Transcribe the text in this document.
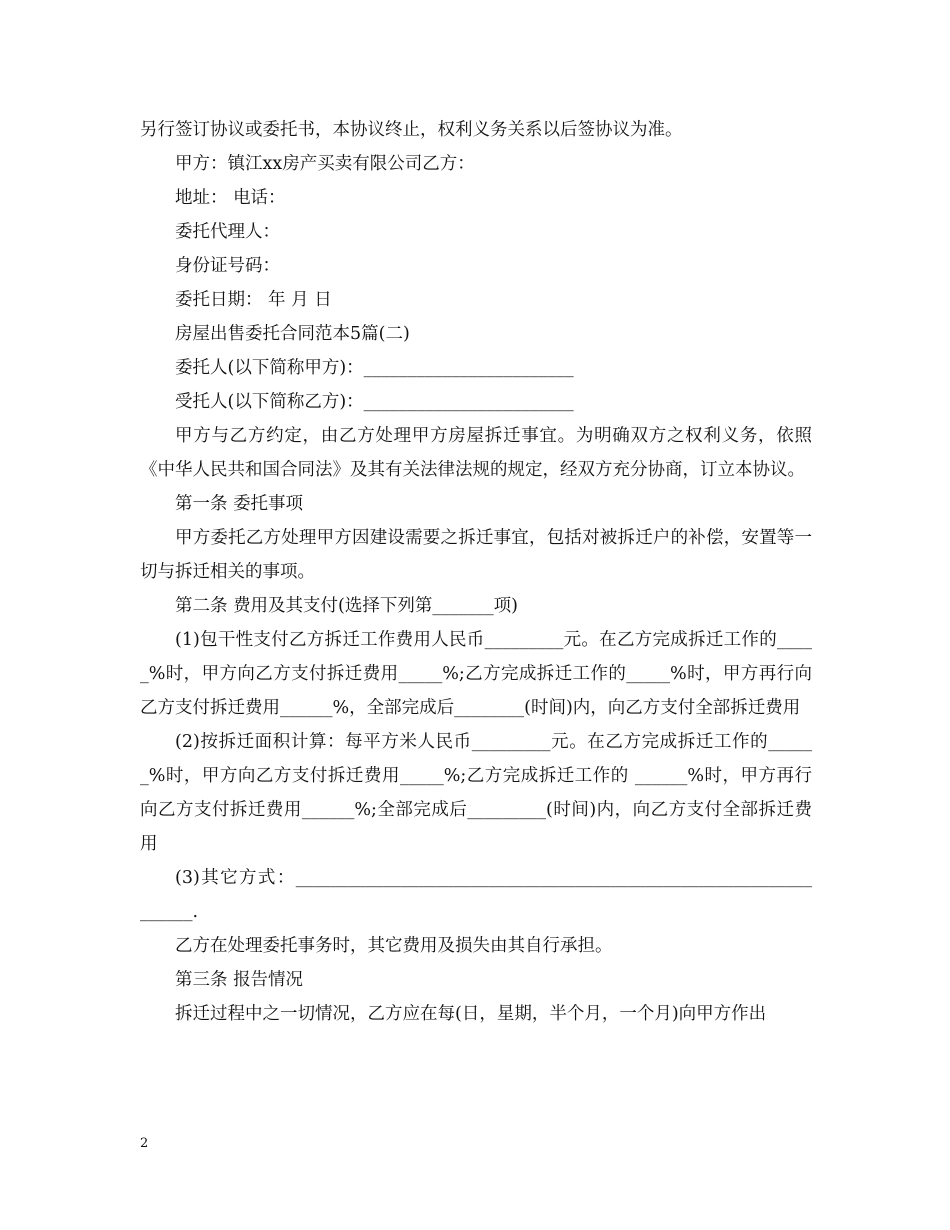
另行签订协议或委托书，本协议终止，权利义务关系以后签协议为准。

甲方：镇江xx房产买卖有限公司乙方：

地址： 电话：

委托代理人：

身份证号码：

委托日期： 年 月 日

房屋出售委托合同范本5篇(二)

委托人(以下简称甲方)：________________________

受托人(以下简称乙方)：________________________

甲方与乙方约定，由乙方处理甲方房屋拆迁事宜。为明确双方之权利义务，依照《中华人民共和国合同法》及其有关法律法规的规定，经双方充分协商，订立本协议。

第一条 委托事项

甲方委托乙方处理甲方因建设需要之拆迁事宜，包括对被拆迁户的补偿，安置等一切与拆迁相关的事项。

第二条 费用及其支付(选择下列第_______项)

(1)包干性支付乙方拆迁工作费用人民币_________元。在乙方完成拆迁工作的_____%时，甲方向乙方支付拆迁费用_____%;乙方完成拆迁工作的_____%时，甲方再行向乙方支付拆迁费用______%，全部完成后________(时间)内，向乙方支付全部拆迁费用

(2)按拆迁面积计算：每平方米人民币_________元。在乙方完成拆迁工作的______%时，甲方向乙方支付拆迁费用_____%;乙方完成拆迁工作的 ______%时，甲方再行向乙方支付拆迁费用______%;全部完成后_________(时间)内，向乙方支付全部拆迁费用

(3)其它方式：_________________________________________________________________.

乙方在处理委托事务时，其它费用及损失由其自行承担。

第三条 报告情况

拆迁过程中之一切情况，乙方应在每(日，星期，半个月，一个月)向甲方作出

2
